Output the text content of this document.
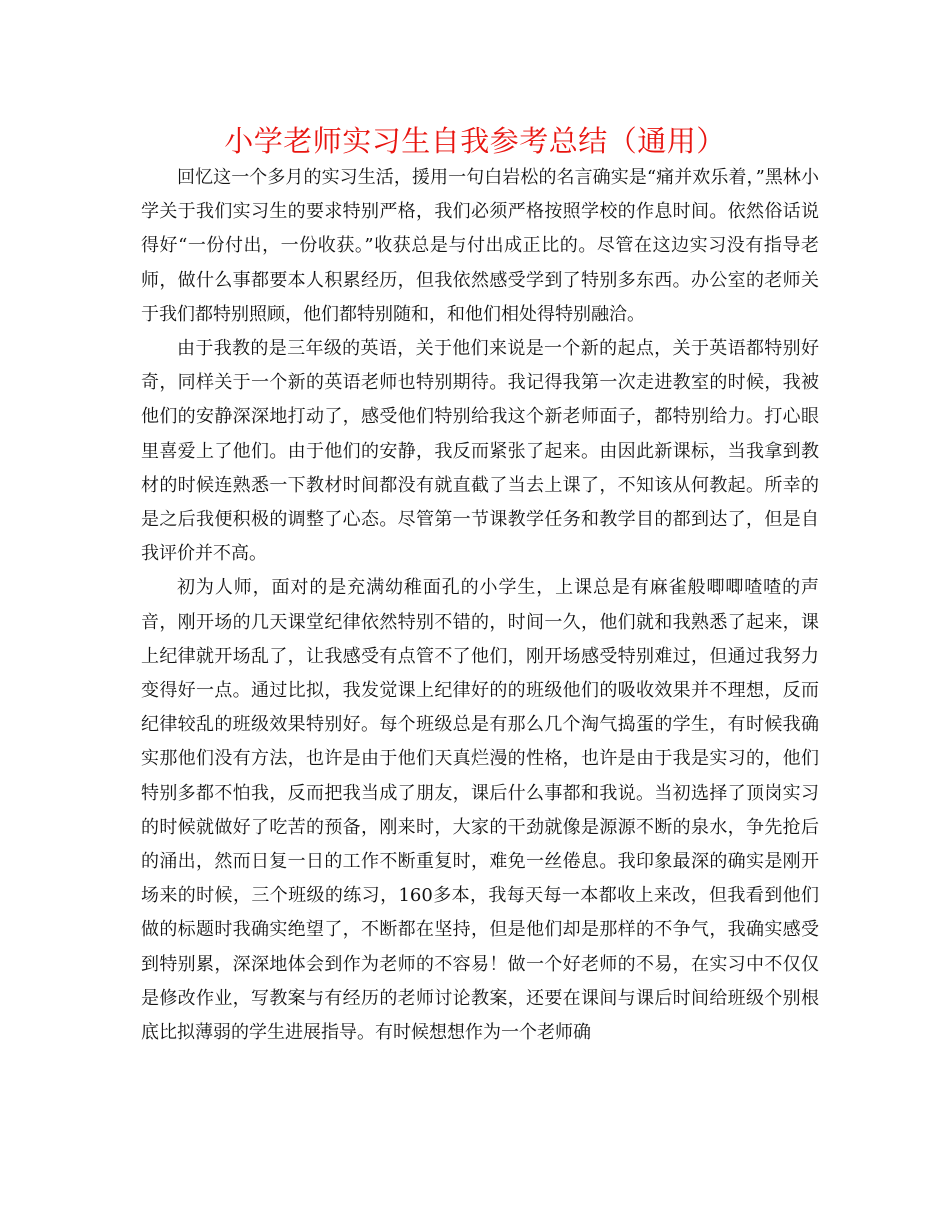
小学老师实习生自我参考总结（通用）

回忆这一个多月的实习生活，援用一句白岩松的名言确实是“痛并欢乐着，”黑林小学关于我们实习生的要求特别严格，我们必须严格按照学校的作息时间。依然俗话说得好“一份付出，一份收获。”收获总是与付出成正比的。尽管在这边实习没有指导老师，做什么事都要本人积累经历，但我依然感受学到了特别多东西。办公室的老师关于我们都特别照顾，他们都特别随和，和他们相处得特别融洽。

由于我教的是三年级的英语，关于他们来说是一个新的起点，关于英语都特别好奇，同样关于一个新的英语老师也特别期待。我记得我第一次走进教室的时候，我被他们的安静深深地打动了，感受他们特别给我这个新老师面子，都特别给力。打心眼里喜爱上了他们。由于他们的安静，我反而紧张了起来。由因此新课标，当我拿到教材的时候连熟悉一下教材时间都没有就直截了当去上课了，不知该从何教起。所幸的是之后我便积极的调整了心态。尽管第一节课教学任务和教学目的都到达了，但是自我评价并不高。

初为人师，面对的是充满幼稚面孔的小学生，上课总是有麻雀般唧唧喳喳的声音，刚开场的几天课堂纪律依然特别不错的，时间一久，他们就和我熟悉了起来，课上纪律就开场乱了，让我感受有点管不了他们，刚开场感受特别难过，但通过我努力变得好一点。通过比拟，我发觉课上纪律好的的班级他们的吸收效果并不理想，反而纪律较乱的班级效果特别好。每个班级总是有那么几个淘气捣蛋的学生，有时候我确实那他们没有方法，也许是由于他们天真烂漫的性格，也许是由于我是实习的，他们特别多都不怕我，反而把我当成了朋友，课后什么事都和我说。当初选择了顶岗实习的时候就做好了吃苦的预备，刚来时，大家的干劲就像是源源不断的泉水，争先抢后的涌出，然而日复一日的工作不断重复时，难免一丝倦息。我印象最深的确实是刚开场来的时候，三个班级的练习，160多本，我每天每一本都收上来改，但我看到他们做的标题时我确实绝望了，不断都在坚持，但是他们却是那样的不争气，我确实感受到特别累，深深地体会到作为老师的不容易！做一个好老师的不易，在实习中不仅仅是修改作业，写教案与有经历的老师讨论教案，还要在课间与课后时间给班级个别根底比拟薄弱的学生进展指导。有时候想想作为一个老师确
